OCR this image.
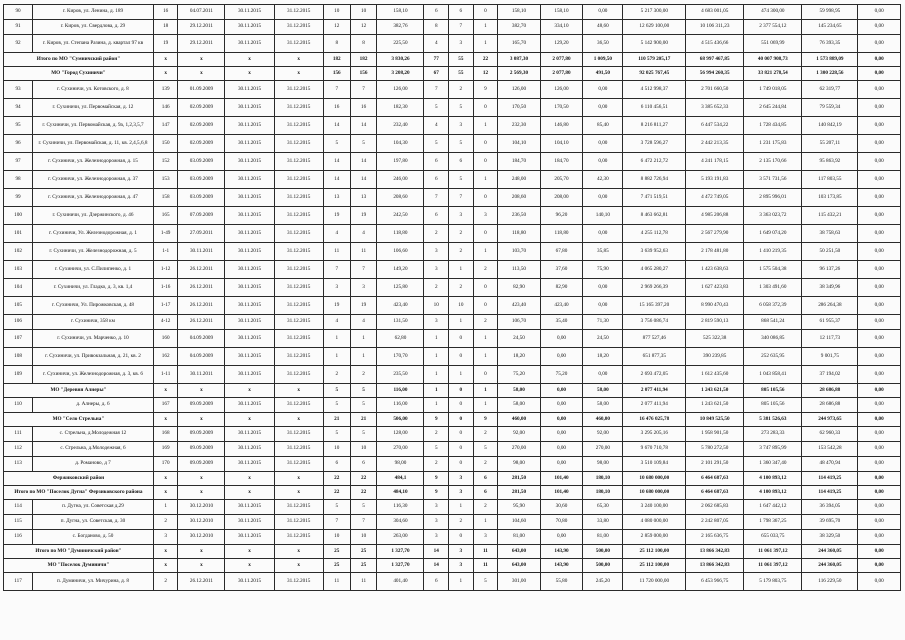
90	г. Киров, ул. Ленина, д. 189	16	04.07.2011	30.11.2015	31.12.2015	10	10	158,10	6	6	0	158,10	158,10	0,00	5 217 300,00	4 683 001,05	474 300,00	59 998,95	0,00
91	г. Киров, ул. Свердлова, д. 29	18	29.12.2011	30.11.2015	31.12.2015	12	12	382,76	8	7	1	382,70	334,10	48,60	12 629 100,00	10 106 311,23	2 377 554,12	145 234,65	0,00
92	г. Киров, ул. Степана Разина, д. квартал 97 кв	19	29.12.2011	30.11.2015	31.12.2015	8	8	225,50	4	3	1	165,70	129,20	36,50	5 142 900,00	4 515 436,66	551 069,99	76 393,35	0,00
Итого по МО "Сумничский район"		x	x	x	x	182	182	3 830,26	77	55	22	3 087,30	2 077,80	1 009,50	110 579 205,17	68 997 467,85	40 007 908,73	1 573 889,09	0,00
МО "Город Сухиничи"		x	x	x	x	156	156	3 208,20	67	55	12	2 569,30	2 077,80	491,50	92 025 767,45	56 994 260,35	33 821 278,54	1 300 228,56	0,00
93	г. Сухиничи, ул. Котовского, д. 8	139	01.09.2009	30.11.2015	31.12.2015	7	7	126,00	7	2	9	126,00	126,00	0,00	4 512 998,37	2 701 660,50	1 749 018,05	62 319,77	0,00
94	г. Сухиничи, ул. Первомайская, д. 12	146	02.09.2009	30.11.2015	31.12.2015	16	16	182,30	5	5	0	170,50	170,50	0,00	6 110 456,51	3 385 652,33	2 645 244,84	79 559,34	0,00
95	г. Сухиничи, ул. Первомайская, д. 9а, 1,2,3,5,7	147	02.09.2009	30.11.2015	31.12.2015	14	14	232,40	4	3	1	232,30	146,80	85,40	8 216 811,27	6 447 534,22	1 728 434,85	140 842,19	0,00
96	г. Сухиничи, ул. Первомайская, д. 11, кв. 2,4,5,6,8	150	02.09.2009	30.11.2015	31.12.2015	5	5	104,30	5	5	0	104,10	104,10	0,00	3 728 596,27	2 442 213,35	1 231 175,83	55 207,11	0,00
97	г. Сухиничи, ул. Железнодорожная, д. 15	152	03.09.2009	30.11.2015	31.12.2015	14	14	197,80	6	6	0	184,70	184,70	0,00	6 472 212,72	4 241 178,15	2 135 170,66	95 863,92	0,00
98	г. Сухиничи, ул. Железнодорожная, д. 37	153	03.09.2009	30.11.2015	31.12.2015	14	14	246,00	6	5	1	248,00	205,70	42,30	8 882 726,94	5 193 191,83	3 571 731,56	117 803,55	0,00
99	г. Сухиничи, ул. Железнодорожная, д. 47	158	03.09.2009	30.11.2015	31.12.2015	13	13	208,60	7	7	0	208,60	208,00	0,00	7 471 519,51	4 472 749,05	2 895 996,01	103 173,85	0,00
100	г. Сухиничи, ул. Дзержинского, д. 46	165	07.09.2009	30.11.2015	31.12.2015	19	19	242,50	6	3	3	236,50	96,20	140,10	8 463 662,81	4 985 206,88	3 363 023,72	115 432,21	0,00
101	г. Сухиничи, Ул. Железнодорожная, д. 1	1-49	27.09.2011	30.11.2015	31.12.2015	4	4	118,80	2	2	0	118,80	118,80	0,00	4 255 112,78	2 567 279,90	1 649 074,20	38 758,63	0,00
102	г. Сухиничи, ул. Железнодорожная, д. 5	1-1	30.11.2011	30.11.2015	31.12.2015	11	11	106,60	3	2	1	103,70	67,80	35,85	3 639 952,63	2 178 481,80	1 410 219,35	50 251,50	0,00
103	г. Сухиничи, ул. С.Пилипенко, д. 1	1-12	26.12.2011	30.11.2015	31.12.2015	7	7	149,20	3	1	2	113,50	37,60	75,90	4 065 280,27	1 423 638,63	1 575 504,38	96 137,26	0,00
104	г. Сухиничи, ул. Гладко, д. 3, кв. 1,4	1-16	26.12.2011	30.11.2015	31.12.2015	3	3	125,80	2	2	0	82,90	82,90	0,00	2 969 266,39	1 627 423,83	1 303 491,60	38 349,96	0,00
105	г. Сухиничи, Ул. Пирожковская, д. 48	1-17	26.12.2011	30.11.2015	31.12.2015	19	19	423,40	10	10	0	423,40	423,40	0,00	15 165 397,20	8 990 470,43	6 058 372,39	286 264,38	0,00
106	г. Сухиничи, 358 км	4-12	26.12.2011	30.11.2015	31.12.2015	4	4	131,50	3	1	2	106,70	35,40	71,30	3 756 086,74	2 819 590,13	868 541,24	61 955,37	0,00
107	г. Сухиничи, ул. Марченко, д. 10	160	04.09.2009	30.11.2015	31.12.2015	1	1	62,80	1	0	1	24,50	0,00	24,50	877 527,46	525 322,38	340 086,85	12 117,73	0,00
108	г. Сухиничи, ул. Привокзальная, д. 21, кв. 2	162	04.09.2009	30.11.2015	31.12.2015	1	1	170,70	1	0	1	18,20	0,00	18,20	651 877,35	390 239,85	252 635,95	9 001,75	0,00
109	г. Сухиничи, ул. Железнодорожная, д. 3, кв. 6	1-11	30.11.2011	30.11.2015	31.12.2015	2	2	235,50	1	1	0	75,20	75,20	0,00	2 693 472,05	1 612 435,60	1 043 858,41	37 194,02	0,00
МО "Деревня Алнеры"		x	x	x	x	5	5	116,00	1	0	1	58,00	0,00	58,00	2 077 411,94	1 243 621,50	805 105,56	28 686,88	0,00
110	д. Алнеры, д. 6	167	09.09.2009	30.11.2015	31.12.2015	5	5	116,00	1	0	1	58,00	0,00	58,00	2 077 411,94	1 243 621,50	805 105,56	28 686,88	0,00
МО "Село Стрельна"		x	x	x	x	21	21	506,00	9	0	9	460,00	0,00	460,00	16 476 025,78	10 849 525,50	5 381 526,63	244 973,65	0,00
111	с. Стрельна, д.Молодежная 12	168	09.09.2009	30.11.2015	31.12.2015	5	5	128,00	2	0	2	92,00	0,00	92,00	3 295 205,16	1 958 901,50	273 283,33	62 960,33	0,00
112	с. Стрельна, д.Молодежная, 6	169	09.09.2009	30.11.2015	31.12.2015	10	10	270,00	5	0	5	270,00	0,00	270,00	9 670 710,78	5 780 272,50	3 747 895,99	153 542,28	0,00
113	д. Романово, д 7	170	09.09.2009	30.11.2015	31.12.2015	6	6	98,00	2	0	2	98,00	0,00	98,00	3 510 109,84	2 101 291,50	1 360 347,40	48 470,94	0,00
Фержиковский район		x	x	x	x	22	22	484,1	9	3	6	281,50	101,40	180,10	10 680 000,00	6 464 687,63	4 100 893,12	114 419,25	0,00
Итого по МО "Поселок Дугна" Ферзиковского района		x	x	x	x	22	22	484,10	9	3	6	281,50	101,40	180,10	10 680 000,00	6 464 687,63	4 100 893,12	114 419,25	0,00
114	п. Дугна, ул. Советская д.29	1	30.12.2010	30.11.2015	31.12.2015	5	5	116,30	3	1	2	95,90	30,60	65,30	3 240 100,00	2 062 685,83	1 647 442,12	36 394,05	0,00
115	п. Дугна, ул. Советская, д. 30	2	30.12.2010	30.11.2015	31.12.2015	7	7	304,60	3	2	1	104,60	70,80	33,80	4 080 000,00	2 242 807,05	1 798 367,25	39 695,70	0,00
116	с. Богданово, д. 50	3	30.12.2010	30.11.2015	31.12.2015	10	10	263,00	3	0	3	81,00	0,00	81,00	2 859 000,00	2 165 636,75	655 033,75	38 329,50	0,00
Итого по МО "Думиничский район"		x	x	x	x	25	25	1 327,70	14	3	11	643,00	143,90	500,00	25 112 100,00	13 866 342,83	11 061 397,12	244 360,05	0,00
МО "Поселок Думиничи"		x	x	x	x	25	25	1 327,70	14	3	11	643,00	143,90	500,00	25 112 100,00	13 866 342,83	11 061 397,12	244 360,05	0,00
117	п. Думиничи, ул. Мичурина, д. 8	2	26.12.2011	30.11.2015	31.12.2015	11	11	401,40	6	1	5	301,00	55,80	245,20	11 720 000,00	6 453 966,75	5 179 803,75	116 229,50	0,00
